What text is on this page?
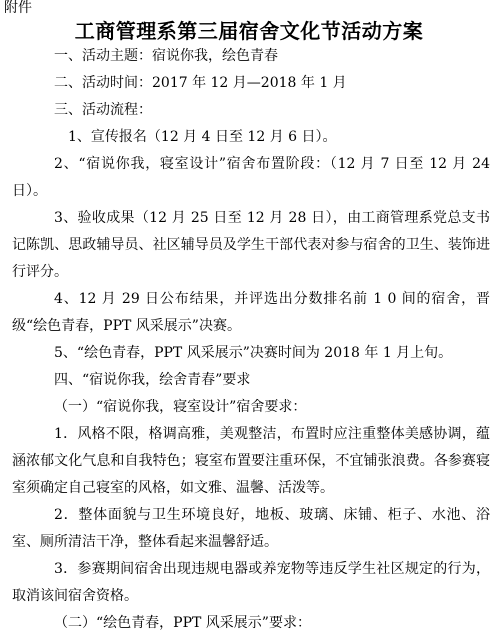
附件
工商管理系第三届宿舍文化节活动方案
一、活动主题：宿说你我，绘色青春
二、活动时间：2017 年 12 月—2018 年 1 月
三、活动流程：
1、宣传报名（12 月 4 日至 12 月 6 日）。
2、“宿说你我，寝室设计”宿舍布置阶段：（12 月 7 日至 12 月 24 日）。
3、验收成果（12 月 25 日至 12 月 28 日），由工商管理系党总支书记陈凯、思政辅导员、社区辅导员及学生干部代表对参与宿舍的卫生、装饰进行评分。
4、12 月 29 日公布结果，并评选出分数排名前 1 0 间的宿舍，晋级“绘色青春，PPT 风采展示”决赛。
5、“绘色青春，PPT 风采展示”决赛时间为 2018 年 1 月上旬。
四、“宿说你我，绘舍青春”要求
（一）“宿说你我，寝室设计”宿舍要求：
1．风格不限，格调高雅，美观整洁，布置时应注重整体美感协调，蕴涵浓郁文化气息和自我特色；寝室布置要注重环保，不宜铺张浪费。各参赛寝室须确定自己寝室的风格，如文雅、温馨、活泼等。
2．整体面貌与卫生环境良好，地板、玻璃、床铺、柜子、水池、浴室、厕所清洁干净，整体看起来温馨舒适。
3．参赛期间宿舍出现违规电器或养宠物等违反学生社区规定的行为，取消该间宿舍资格。
（二）“绘色青春，PPT 风采展示”要求：
